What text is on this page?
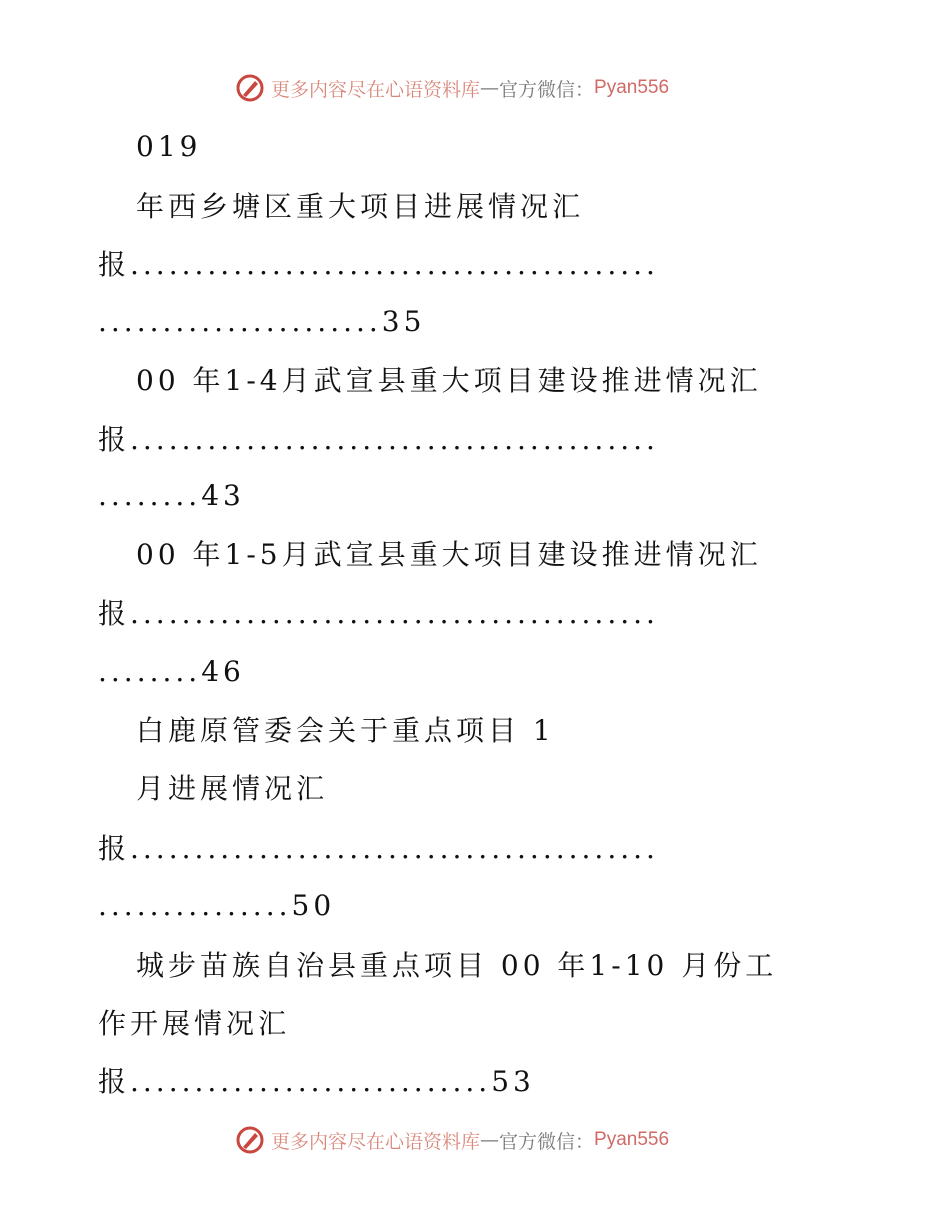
更多内容尽在心语资料库 — 官方微信： Pyan556
019
年西乡塘区重大项目进展情况汇
报.........................................
......................35
00 年1-4月武宣县重大项目建设推进情况汇
报.........................................
........43
00 年1-5月武宣县重大项目建设推进情况汇
报.........................................
........46
白鹿原管委会关于重点项目 1
月进展情况汇
报.........................................
...............50
城步苗族自治县重点项目 00 年1-10 月份工
作开展情况汇
报............................53
更多内容尽在心语资料库 — 官方微信： Pyan556
